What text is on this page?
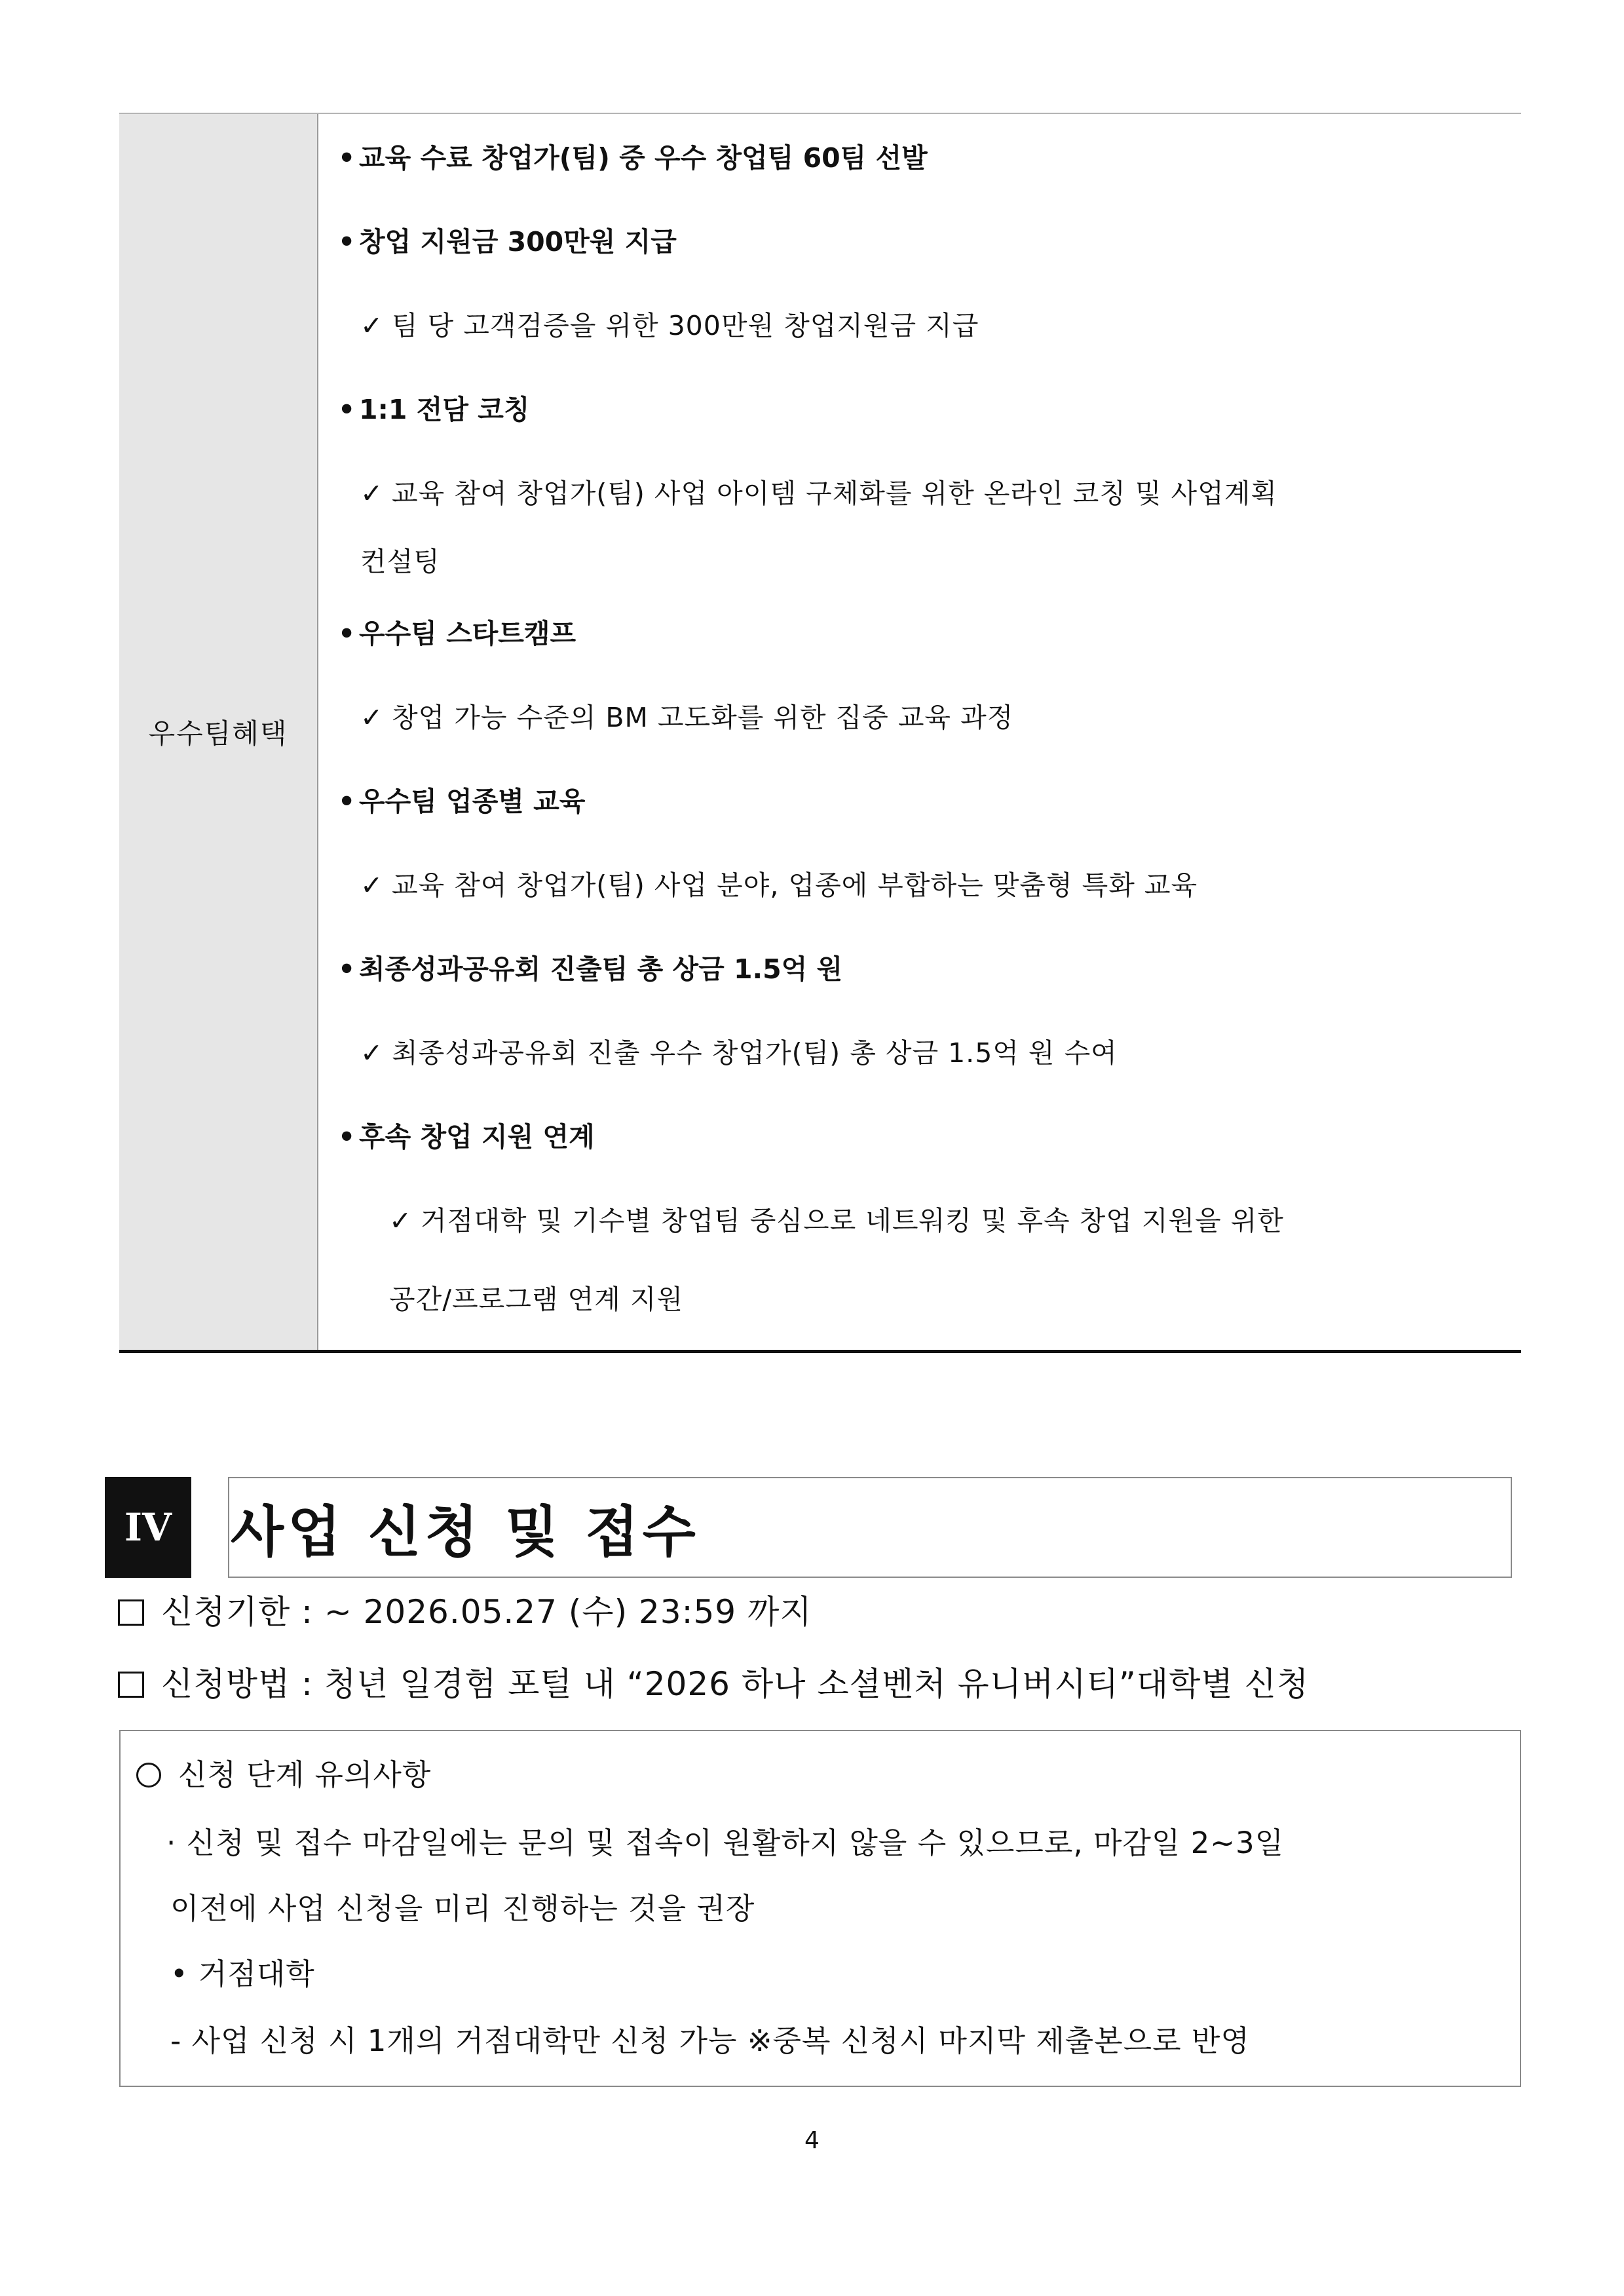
우수팀혜택
• 교육 수료 창업가(팀) 중 우수 창업팀 60팀 선발
• 창업 지원금 300만원 지급
✓ 팀 당 고객검증을 위한 300만원 창업지원금 지급
• 1:1 전담 코칭
✓ 교육 참여 창업가(팀) 사업 아이템 구체화를 위한 온라인 코칭 및 사업계획
컨설팅
• 우수팀 스타트캠프
✓ 창업 가능 수준의 BM 고도화를 위한 집중 교육 과정
• 우수팀 업종별 교육
✓ 교육 참여 창업가(팀) 사업 분야, 업종에 부합하는 맞춤형 특화 교육
• 최종성과공유회 진출팀 총 상금 1.5억 원
✓ 최종성과공유회 진출 우수 창업가(팀) 총 상금 1.5억 원 수여
• 후속 창업 지원 연계
✓ 거점대학 및 기수별 창업팀 중심으로 네트워킹 및 후속 창업 지원을 위한
공간/프로그램 연계 지원
IV	사업 신청 및 접수
신청기한 : ~ 2026.05.27 (수) 23:59 까지
신청방법 : 청년 일경험 포털 내 “2026 하나 소셜벤처 유니버시티”대학별 신청
신청 단계 유의사항
· 신청 및 접수 마감일에는 문의 및 접속이 원활하지 않을 수 있으므로, 마감일 2~3일
이전에 사업 신청을 미리 진행하는 것을 권장
• 거점대학
- 사업 신청 시 1개의 거점대학만 신청 가능 ※중복 신청시 마지막 제출본으로 반영
4
